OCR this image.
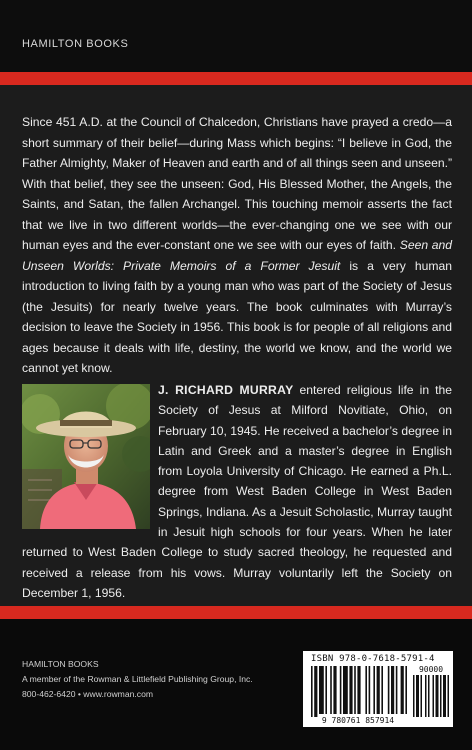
HAMILTON BOOKS

Since 451 A.D. at the Council of Chalcedon, Christians have prayed a credo—a short summary of their belief—during Mass which begins: “I believe in God, the Father Almighty, Maker of Heaven and earth and of all things seen and unseen.” With that belief, they see the unseen: God, His Blessed Mother, the Angels, the Saints, and Satan, the fallen Archangel. This touching memoir asserts the fact that we live in two different worlds—the ever-changing one we see with our human eyes and the ever-constant one we see with our eyes of faith. Seen and Unseen Worlds: Private Memoirs of a Former Jesuit is a very human introduction to living faith by a young man who was part of the Society of Jesus (the Jesuits) for nearly twelve years. The book culminates with Murray’s decision to leave the Society in 1956. This book is for people of all religions and ages because it deals with life, destiny, the world we know, and the world we cannot yet know.

J. RICHARD MURRAY entered religious life in the Society of Jesus at Milford Novitiate, Ohio, on February 10, 1945. He received a bachelor’s degree in Latin and Greek and a master’s degree in English from Loyola University of Chicago. He earned a Ph.L. degree from West Baden College in West Baden Springs, Indiana. As a Jesuit Scholastic, Murray taught in Jesuit high schools for four years. When he later returned to West Baden College to study sacred theology, he requested and received a release from his vows. Murray voluntarily left the Society on December 1, 1956.

HAMILTON BOOKS
A member of the Rowman & Littlefield Publishing Group, Inc.
800-462-6420 • www.rowman.com
ISBN 978-0-7618-5791-4
90000
9 780761 857914
